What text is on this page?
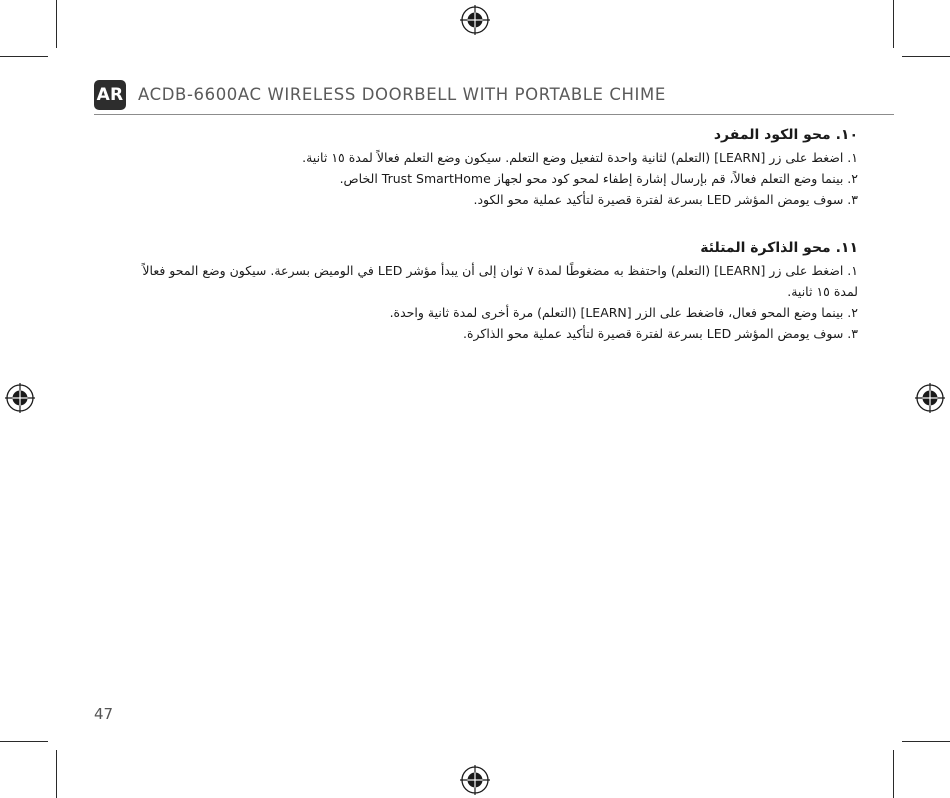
AR ACDB-6600AC WIRELESS DOORBELL WITH PORTABLE CHIME
١٠. محو الكود المفرد

١. اضغط على زر [LEARN] (التعلم) لثانية واحدة لتفعيل وضع التعلم. سيكون وضع التعلم فعالاً لمدة ١٥ ثانية.

٢. بينما وضع التعلم فعالاً، قم بإرسال إشارة إطفاء لمحو كود محو لجهاز Trust SmartHome الخاص.

٣. سوف يومض المؤشر LED بسرعة لفترة قصيرة لتأكيد عملية محو الكود.

١١. محو الذاكرة المتلئة

١. اضغط على زر [LEARN] (التعلم) واحتفظ به مضغوطًا لمدة ٧ ثوان إلى أن يبدأ مؤشر LED في الوميض بسرعة. سيكون وضع المحو فعالاً

لمدة ١٥ ثانية.

٢. بينما وضع المحو فعال، فاضغط على الزر [LEARN] (التعلم) مرة أخرى لمدة ثانية واحدة.

٣. سوف يومض المؤشر LED بسرعة لفترة قصيرة لتأكيد عملية محو الذاكرة.

47
